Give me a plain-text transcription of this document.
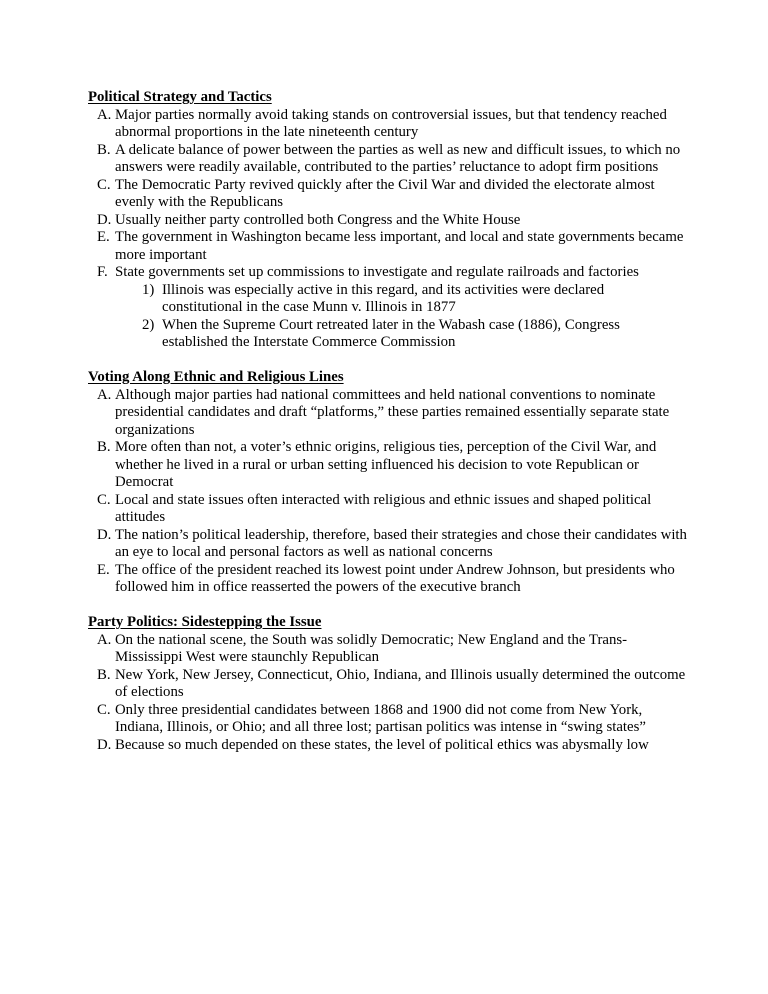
Political Strategy and Tactics

A. Major parties normally avoid taking stands on controversial issues, but that tendency reached abnormal proportions in the late nineteenth century
B. A delicate balance of power between the parties as well as new and difficult issues, to which no answers were readily available, contributed to the parties’ reluctance to adopt firm positions
C. The Democratic Party revived quickly after the Civil War and divided the electorate almost evenly with the Republicans
D. Usually neither party controlled both Congress and the White House
E. The government in Washington became less important, and local and state governments became more important
F. State governments set up commissions to investigate and regulate railroads and factories
1) Illinois was especially active in this regard, and its activities were declared constitutional in the case Munn v. Illinois in 1877
2) When the Supreme Court retreated later in the Wabash case (1886), Congress established the Interstate Commerce Commission

Voting Along Ethnic and Religious Lines

A. Although major parties had national committees and held national conventions to nominate presidential candidates and draft “platforms,” these parties remained essentially separate state organizations
B. More often than not, a voter’s ethnic origins, religious ties, perception of the Civil War, and whether he lived in a rural or urban setting influenced his decision to vote Republican or Democrat
C. Local and state issues often interacted with religious and ethnic issues and shaped political attitudes
D. The nation’s political leadership, therefore, based their strategies and chose their candidates with an eye to local and personal factors as well as national concerns
E. The office of the president reached its lowest point under Andrew Johnson, but presidents who followed him in office reasserted the powers of the executive branch

Party Politics: Sidestepping the Issue

A. On the national scene, the South was solidly Democratic; New England and the Trans-Mississippi West were staunchly Republican
B. New York, New Jersey, Connecticut, Ohio, Indiana, and Illinois usually determined the outcome of elections
C. Only three presidential candidates between 1868 and 1900 did not come from New York, Indiana, Illinois, or Ohio; and all three lost; partisan politics was intense in “swing states”
D. Because so much depended on these states, the level of political ethics was abysmally low
